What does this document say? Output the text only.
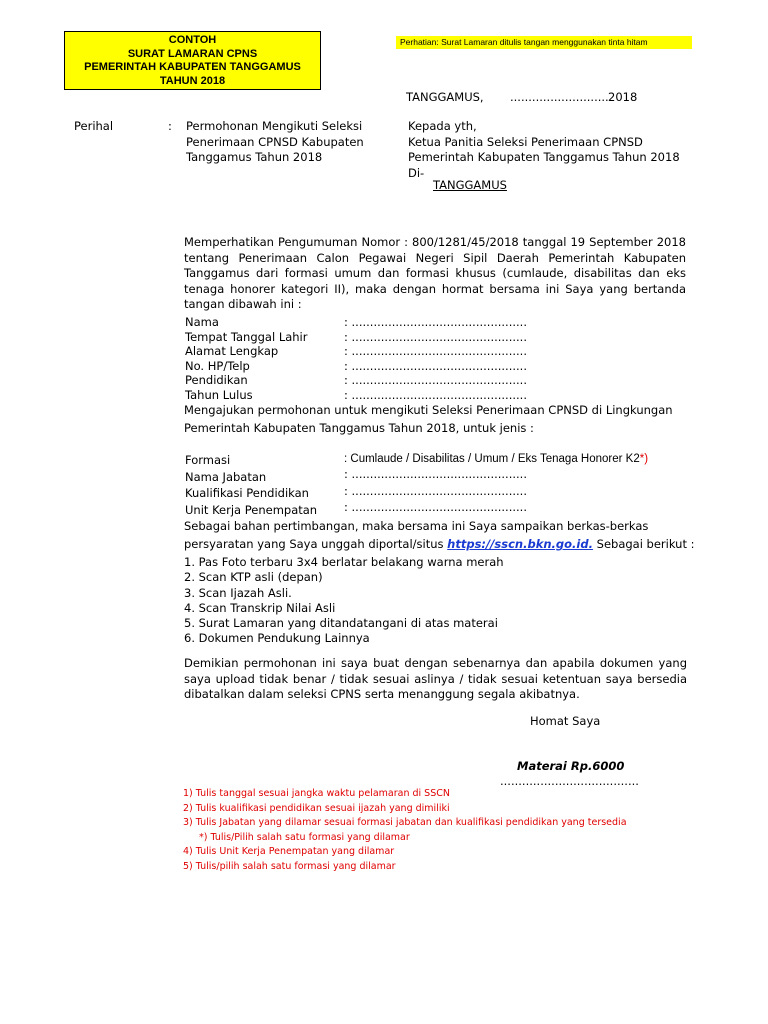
CONTOH
SURAT LAMARAN CPNS
PEMERINTAH KABUPATEN TANGGAMUS
TAHUN 2018
Perhatian: Surat Lamaran ditulis tangan menggunakan tinta hitam
TANGGAMUS, ........................... 2018
Perihal	: Permohonan Mengikuti Seleksi
Penerimaan CPNSD Kabupaten
Tanggamus Tahun 2018
Kepada yth,
Ketua Panitia Seleksi Penerimaan CPNSD
Pemerintah Kabupaten Tanggamus Tahun 2018
Di-
TANGGAMUS
Memperhatikan Pengumuman Nomor : 800/1281/45/2018 tanggal 19 September 2018 tentang Penerimaan Calon Pegawai Negeri Sipil Daerah Pemerintah Kabupaten Tanggamus dari formasi umum dan formasi khusus (cumlaude, disabilitas dan eks tenaga honorer kategori II), maka dengan hormat bersama ini Saya yang bertanda tangan dibawah ini :
Nama
Tempat Tanggal Lahir
Alamat Lengkap
No. HP/Telp
Pendidikan
Tahun Lulus
: ................................................
: ................................................
: ................................................
: ................................................
: ................................................
: ................................................
Mengajukan permohonan untuk mengikuti Seleksi Penerimaan CPNSD di Lingkungan
Pemerintah Kabupaten Tanggamus Tahun 2018, untuk jenis :
Formasi
Nama Jabatan
Kualifikasi Pendidikan
Unit Kerja Penempatan
: Cumlaude / Disabilitas / Umum / Eks Tenaga Honorer K2*)
: ................................................
: ................................................
: ................................................
Sebagai bahan pertimbangan, maka bersama ini Saya sampaikan berkas-berkas
persyaratan yang Saya unggah diportal/situs https://sscn.bkn.go.id. Sebagai berikut :
1. Pas Foto terbaru 3x4 berlatar belakang warna merah
2. Scan KTP asli (depan)
3. Scan Ijazah Asli.
4. Scan Transkrip Nilai Asli
5. Surat Lamaran yang ditandatangani di atas materai
6. Dokumen Pendukung Lainnya
Demikian permohonan ini saya buat dengan sebenarnya dan apabila dokumen yang saya upload tidak benar / tidak sesuai aslinya / tidak sesuai ketentuan saya bersedia dibatalkan dalam seleksi CPNS serta menanggung segala akibatnya.
Homat Saya
Materai Rp.6000
......................................
1) Tulis tanggal sesuai jangka waktu pelamaran di SSCN
2) Tulis kualifikasi pendidikan sesuai ijazah yang dimiliki
3) Tulis Jabatan yang dilamar sesuai formasi jabatan dan kualifikasi pendidikan yang tersedia
*) Tulis/Pilih salah satu formasi yang dilamar
4) Tulis Unit Kerja Penempatan yang dilamar
5) Tulis/pilih salah satu formasi yang dilamar
